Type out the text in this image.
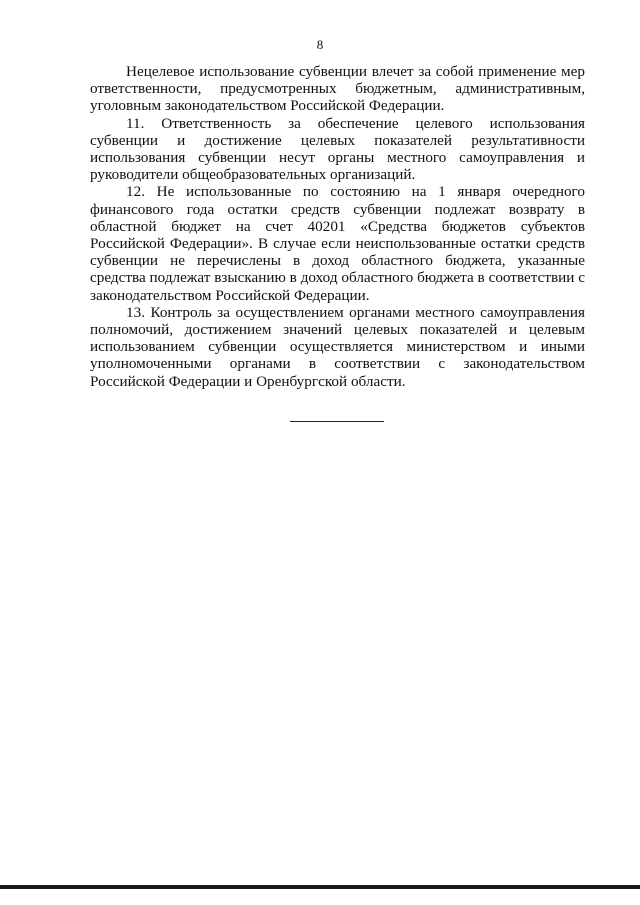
8

Нецелевое использование субвенции влечет за собой применение мер ответственности, предусмотренных бюджетным, административным, уголовным законодательством Российской Федерации.

11. Ответственность за обеспечение целевого использования субвенции и достижение целевых показателей результативности использования субвенции несут органы местного самоуправления и руководители общеобразовательных организаций.

12. Не использованные по состоянию на 1 января очередного финансового года остатки средств субвенции подлежат возврату в областной бюджет на счет 40201 «Средства бюджетов субъектов Российской Федерации». В случае если неиспользованные остатки средств субвенции не перечислены в доход областного бюджета, указанные средства подлежат взысканию в доход областного бюджета в соответствии с законодательством Российской Федерации.

13. Контроль за осуществлением органами местного самоуправления полномочий, достижением значений целевых показателей и целевым использованием субвенции осуществляется министерством и иными уполномоченными органами в соответствии с законодательством Российской Федерации и Оренбургской области.
